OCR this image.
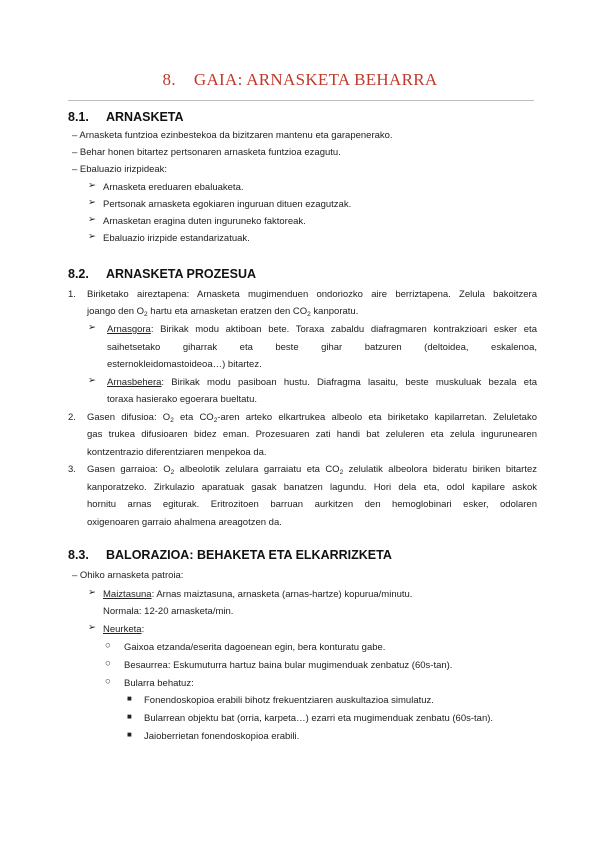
8. GAIA: ARNASKETA BEHARRA
8.1. ARNASKETA
– Arnasketa funtzioa ezinbestekoa da bizitzaren mantenu eta garapenerako.
– Behar honen bitartez pertsonaren arnasketa funtzioa ezagutu.
– Ebaluazio irizpideak:
➢ Arnasketa ereduaren ebaluaketa.
➢ Pertsonak arnasketa egokiaren inguruan dituen ezagutzak.
➢ Arnasketan eragina duten inguruneko faktoreak.
➢ Ebaluazio irizpide estandarizatuak.
8.2. ARNASKETA PROZESUA
1. Biriketako aireztapena: Arnasketa mugimenduen ondoriozko aire berriztapena. Zelula bakoitzera
joango den $O_2$ hartu eta arnasketan eratzen den $CO_2$ kanporatu.
➢ Arnasgora: Birikak modu aktiboan bete. Toraxa zabaldu diafragmaren kontrakzioari esker eta
saihetsetako giharrak eta beste gihar batzuren (deltoidea, eskalenoa,
esternokleidomastoideoa…) bitartez.
➢ Arnasbehera: Birikak modu pasiboan hustu. Diafragma lasaitu, beste muskuluak bezala eta
toraxa hasierako egoerara bueltatu.
2. Gasen difusioa: $O_2$ eta $CO_2$-aren arteko elkartrukea albeolo eta biriketako kapilarretan. Zeluletako
gas trukea difusioaren bidez eman. Prozesuaren zati handi bat zeluleren eta zelula ingurunearen
kontzentrazio diferentziaren menpekoa da.
3. Gasen garraioa: $O_2$ albeolotik zelulara garraiatu eta $CO_2$ zelulatik albeolora bideratu biriken bitartez
kanporatzeko. Zirkulazio aparatuak gasak banatzen lagundu. Hori dela eta, odol kapilare askok
hornitu arnas egiturak. Eritrozitoen barruan aurkitzen den hemoglobinari esker, odolaren
oxigenoaren garraio ahalmena areagotzen da.
8.3. BALORAZIOA: BEHAKETA ETA ELKARRIZKETA
– Ohiko arnasketa patroia:
➢ Maiztasuna: Arnas maiztasuna, arnasketa (arnas-hartze) kopurua/minutu.
Normala: 12-20 arnasketa/min.
➢ Neurketa:
○ Gaixoa etzanda/eserita dagoenean egin, bera konturatu gabe.
○ Besaurrea: Eskumuturra hartuz baina bular mugimenduak zenbatuz (60s-tan).
○ Bularra behatuz:
■ Fonendoskopioa erabili bihotz frekuentziaren auskultazioa simulatuz.
■ Bularrean objektu bat (orria, karpeta…) ezarri eta mugimenduak zenbatu (60s-tan).
■ Jaioberrietan fonendoskopioa erabili.
